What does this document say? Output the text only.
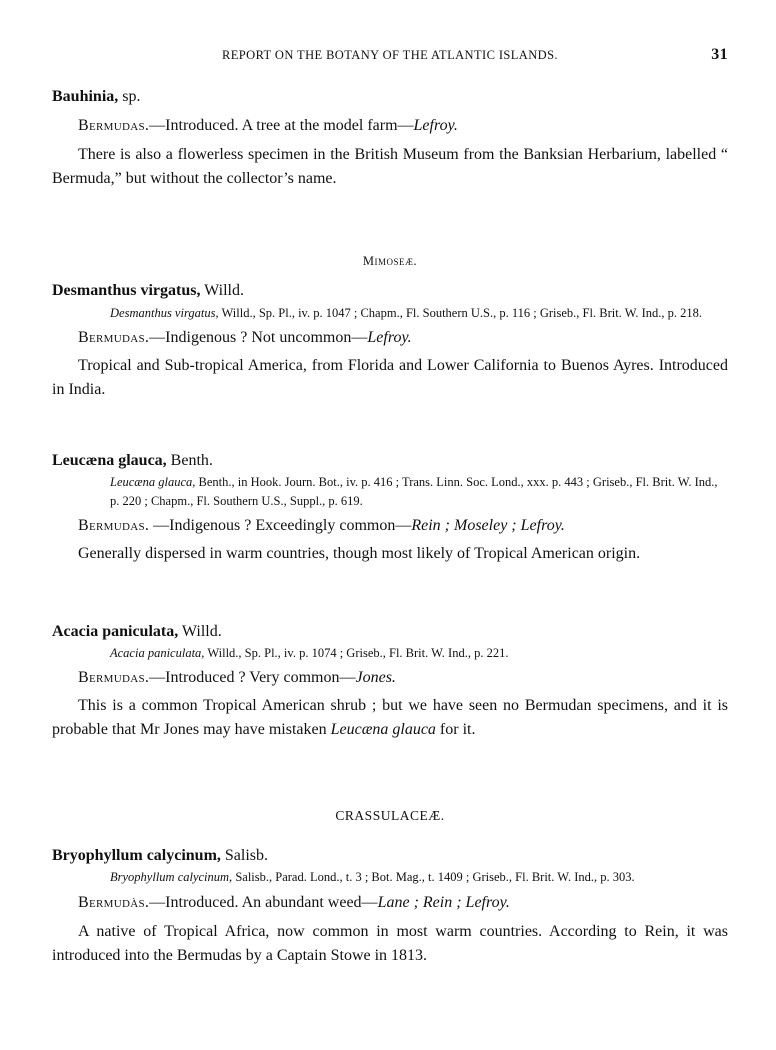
REPORT ON THE BOTANY OF THE ATLANTIC ISLANDS.	31
Bauhinia, sp.
Bermudas.—Introduced. A tree at the model farm—Lefroy.
There is also a flowerless specimen in the British Museum from the Banksian Herbarium, labelled “ Bermuda,” but without the collector’s name.
Mimoseæ.
Desmanthus virgatus, Willd.
Desmanthus virgatus, Willd., Sp. Pl., iv. p. 1047 ; Chapm., Fl. Southern U.S., p. 116 ; Griseb., Fl. Brit. W. Ind., p. 218.
Bermudas.—Indigenous ? Not uncommon—Lefroy.
Tropical and Sub-tropical America, from Florida and Lower California to Buenos Ayres. Introduced in India.
Leucæna glauca, Benth.
Leucæna glauca, Benth., in Hook. Journ. Bot., iv. p. 416 ; Trans. Linn. Soc. Lond., xxx. p. 443 ; Griseb., Fl. Brit. W. Ind., p. 220 ; Chapm., Fl. Southern U.S., Suppl., p. 619.
Bermudas. —Indigenous ? Exceedingly common—Rein ; Moseley ; Lefroy.
Generally dispersed in warm countries, though most likely of Tropical American origin.
Acacia paniculata, Willd.
Acacia paniculata, Willd., Sp. Pl., iv. p. 1074 ; Griseb., Fl. Brit. W. Ind., p. 221.
Bermudas.—Introduced ? Very common—Jones.
This is a common Tropical American shrub ; but we have seen no Bermudan specimens, and it is probable that Mr Jones may have mistaken Leucæna glauca for it.
CRASSULACEÆ.
Bryophyllum calycinum, Salisb.
Bryophyllum calycinum, Salisb., Parad. Lond., t. 3 ; Bot. Mag., t. 1409 ; Griseb., Fl. Brit. W. Ind., p. 303.
Bermudàs.—Introduced. An abundant weed—Lane ; Rein ; Lefroy.
A native of Tropical Africa, now common in most warm countries. According to Rein, it was introduced into the Bermudas by a Captain Stowe in 1813.
